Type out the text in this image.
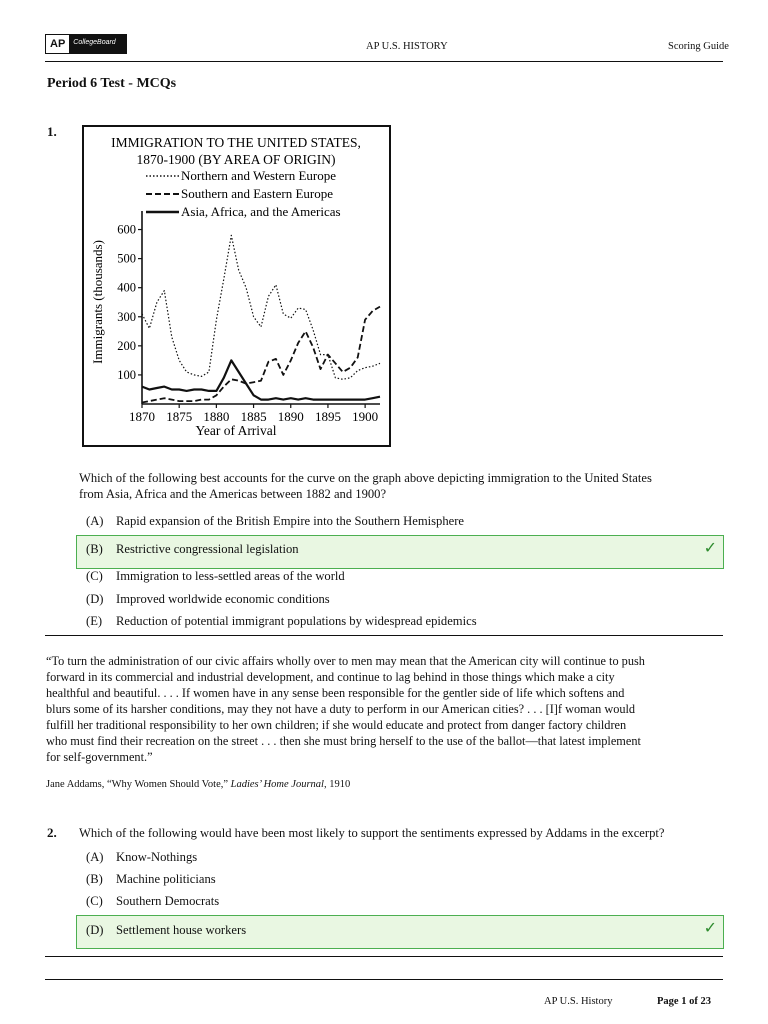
AP	CollegeBoard	AP U.S. HISTORY	Scoring Guide
Period 6 Test - MCQs
1.
IMMIGRATION TO THE UNITED STATES,
1870-1900 (BY AREA OF ORIGIN)
Northern and Western Europe
Southern and Eastern Europe
Asia, Africa, and the Americas
100
200
300
400
500
600
1870 1875 1880 1885 1890 1895 1900
Year of Arrival
Immigrants (thousands)
Which of the following best accounts for the curve on the graph above depicting immigration to the United States
from Asia, Africa and the Americas between 1882 and 1900?
(A) Rapid expansion of the British Empire into the Southern Hemisphere
(B) Restrictive congressional legislation	✓
(C) Immigration to less-settled areas of the world
(D) Improved worldwide economic conditions
(E) Reduction of potential immigrant populations by widespread epidemics
“To turn the administration of our civic affairs wholly over to men may mean that the American city will continue to push
forward in its commercial and industrial development, and continue to lag behind in those things which make a city
healthful and beautiful. . . . If women have in any sense been responsible for the gentler side of life which softens and
blurs some of its harsher conditions, may they not have a duty to perform in our American cities? . . . [I]f woman would
fulfill her traditional responsibility to her own children; if she would educate and protect from danger factory children
who must find their recreation on the street . . . then she must bring herself to the use of the ballot—that latest implement
for self-government.”
Jane Addams, “Why Women Should Vote,” Ladies’ Home Journal, 1910
2. Which of the following would have been most likely to support the sentiments expressed by Addams in the excerpt?
(A) Know-Nothings
(B) Machine politicians
(C) Southern Democrats
(D) Settlement house workers	✓
AP U.S. History	Page 1 of 23
